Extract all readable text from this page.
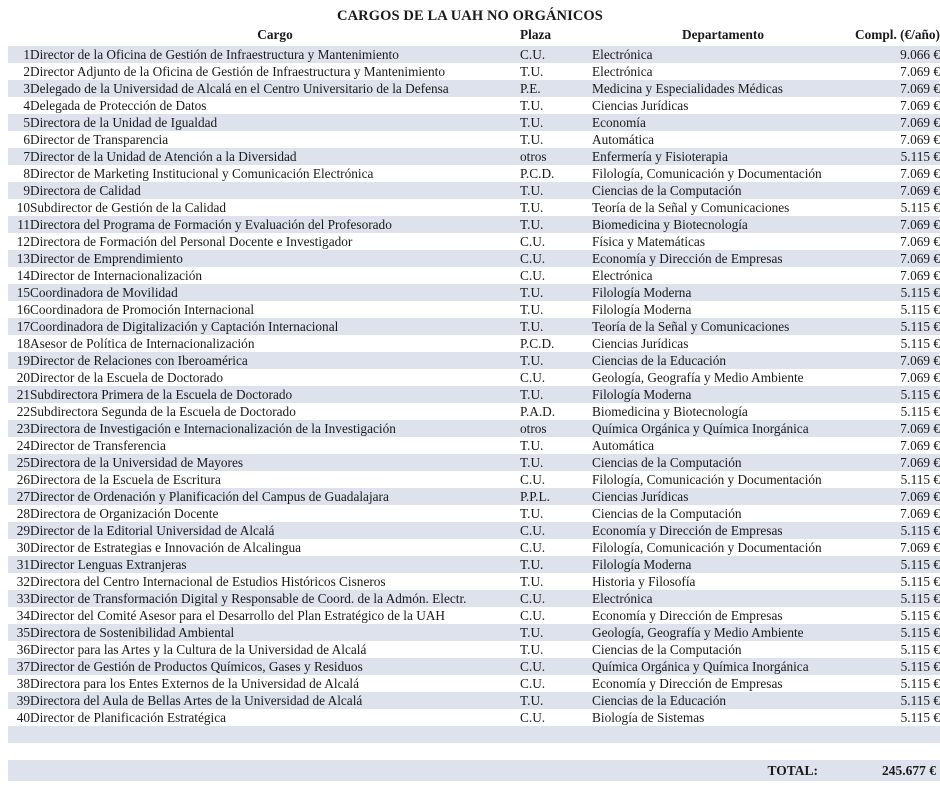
CARGOS DE LA UAH NO ORGÁNICOS
	Cargo	Plaza	Departamento	Compl. (€/año)
1	Director de la Oficina de Gestión de Infraestructura y Mantenimiento	C.U.	Electrónica	9.066 €
2	Director Adjunto de la Oficina de Gestión de Infraestructura y Mantenimiento	T.U.	Electrónica	7.069 €
3	Delegado de la Universidad de Alcalá en el Centro Universitario de la Defensa	P.E.	Medicina y Especialidades Médicas	7.069 €
4	Delegada de Protección de Datos	T.U.	Ciencias Jurídicas	7.069 €
5	Directora de la Unidad de Igualdad	T.U.	Economía	7.069 €
6	Director de Transparencia	T.U.	Automática	7.069 €
7	Director de la Unidad de Atención a la Diversidad	otros	Enfermería y Fisioterapia	5.115 €
8	Director de Marketing Institucional y Comunicación Electrónica	P.C.D.	Filología, Comunicación y Documentación	7.069 €
9	Directora de Calidad	T.U.	Ciencias de la Computación	7.069 €
10	Subdirector de Gestión de la Calidad	T.U.	Teoría de la Señal y Comunicaciones	5.115 €
11	Directora del Programa de Formación y Evaluación del Profesorado	T.U.	Biomedicina y Biotecnología	7.069 €
12	Directora de Formación del Personal Docente e Investigador	C.U.	Física y Matemáticas	7.069 €
13	Director de Emprendimiento	C.U.	Economía y Dirección de Empresas	7.069 €
14	Director de Internacionalización	C.U.	Electrónica	7.069 €
15	Coordinadora de Movilidad	T.U.	Filología Moderna	5.115 €
16	Coordinadora de Promoción Internacional	T.U.	Filología Moderna	5.115 €
17	Coordinadora de Digitalización y Captación Internacional	T.U.	Teoría de la Señal y Comunicaciones	5.115 €
18	Asesor de Política de Internacionalización	P.C.D.	Ciencias Jurídicas	5.115 €
19	Director de Relaciones con Iberoamérica	T.U.	Ciencias de la Educación	7.069 €
20	Director de la Escuela de Doctorado	C.U.	Geología, Geografía y Medio Ambiente	7.069 €
21	Subdirectora Primera de la Escuela de Doctorado	T.U.	Filología Moderna	5.115 €
22	Subdirectora Segunda de la Escuela de Doctorado	P.A.D.	Biomedicina y Biotecnología	5.115 €
23	Directora de Investigación e Internacionalización de la Investigación	otros	Química Orgánica y Química Inorgánica	7.069 €
24	Director de Transferencia	T.U.	Automática	7.069 €
25	Directora de la Universidad de Mayores	T.U.	Ciencias de la Computación	7.069 €
26	Directora de la Escuela de Escritura	C.U.	Filología, Comunicación y Documentación	5.115 €
27	Director de Ordenación y Planificación del Campus de Guadalajara	P.P.L.	Ciencias Jurídicas	7.069 €
28	Directora de Organización Docente	T.U.	Ciencias de la Computación	7.069 €
29	Director de la Editorial Universidad de Alcalá	C.U.	Economía y Dirección de Empresas	5.115 €
30	Director de Estrategias e Innovación de Alcalingua	C.U.	Filología, Comunicación y Documentación	7.069 €
31	Director Lenguas Extranjeras	T.U.	Filología Moderna	5.115 €
32	Directora del Centro Internacional de Estudios Históricos Cisneros	T.U.	Historia y Filosofía	5.115 €
33	Director de Transformación Digital y Responsable de Coord. de la Admón. Electr.	C.U.	Electrónica	5.115 €
34	Director del Comité Asesor para el Desarrollo del Plan Estratégico de la UAH	C.U.	Economía y Dirección de Empresas	5.115 €
35	Directora de Sostenibilidad Ambiental	T.U.	Geología, Geografía y Medio Ambiente	5.115 €
36	Director para las Artes y la Cultura de la Universidad de Alcalá	T.U.	Ciencias de la Computación	5.115 €
37	Director de Gestión de Productos Químicos, Gases y Residuos	C.U.	Química Orgánica y Química Inorgánica	5.115 €
38	Directora para los Entes Externos de la Universidad de Alcalá	C.U.	Economía y Dirección de Empresas	5.115 €
39	Directora del Aula de Bellas Artes de la Universidad de Alcalá	T.U.	Ciencias de la Educación	5.115 €
40	Director de Planificación Estratégica	C.U.	Biología de Sistemas	5.115 €
TOTAL:	245.677 €
